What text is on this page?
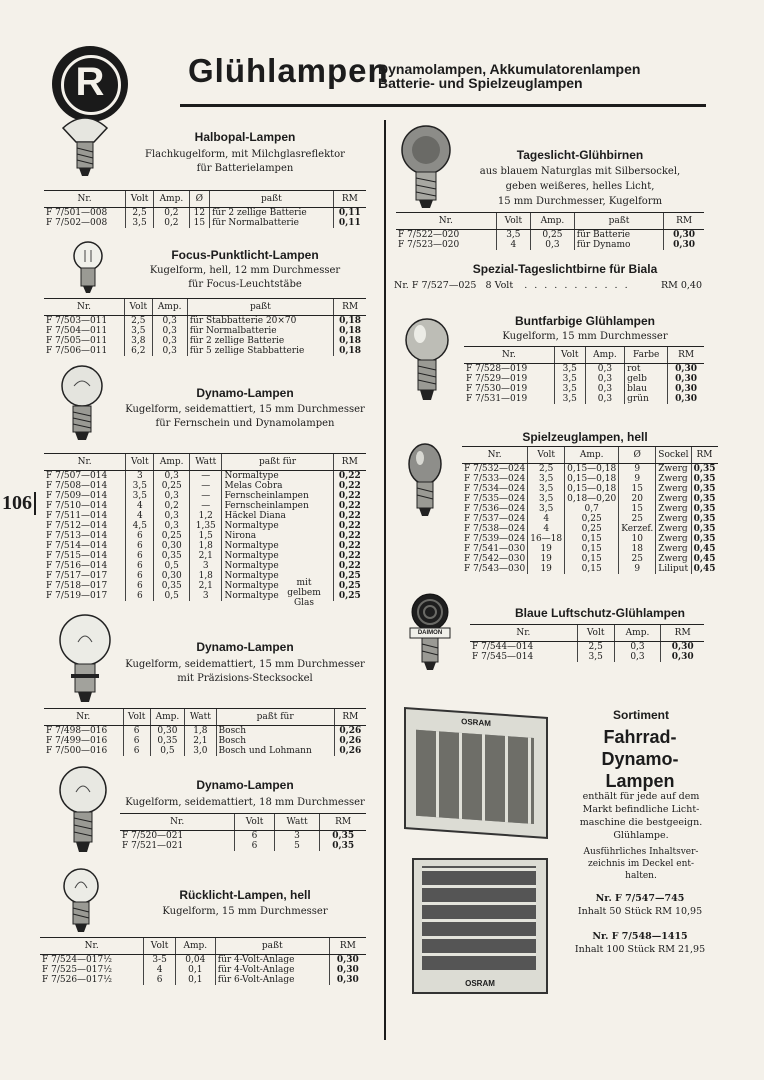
R	Glühlampen
Dynamolampen, Akkumulatorenlampen
Batterie- und Spielzeuglampen
106
Halbopal-Lampen
Flachkugelform, mit Milchglasreflektor
für Batterielampen
Nr.	Volt	Amp.	Ø	paßt	RM
F 7/501—008	2,5	0,2	12	für 2 zellige Batterie	0,11
F 7/502—008	3,5	0,2	15	für Normalbatterie	0,11
Focus-Punktlicht-Lampen
Kugelform, hell, 12 mm Durchmesser
für Focus-Leuchtstäbe
Nr.	Volt	Amp.	paßt	RM
F 7/503—011	2,5	0,3	für Stabbatterie 20×70	0,18
F 7/504—011	3,5	0,3	für Normalbatterie	0,18
F 7/505—011	3,8	0,3	für 2 zellige Batterie	0,18
F 7/506—011	6,2	0,3	für 5 zellige Stabbatterie	0,18
Dynamo-Lampen
Kugelform, seidemattiert, 15 mm Durchmesser
für Fernschein und Dynamolampen
Nr.	Volt	Amp.	Watt	paßt für	RM
F 7/507—014	3	0,3	—	Normaltype	0,22
F 7/508—014	3,5	0,25	—	Melas Cobra	0,22
F 7/509—014	3,5	0,3	—	Fernscheinlampen	0,22
F 7/510—014	4	0,2	—	Fernscheinlampen	0,22
F 7/511—014	4	0,3	1,2	Häckel Diana	0,22
F 7/512—014	4,5	0,3	1,35	Normaltype	0,22
F 7/513—014	6	0,25	1,5	Nirona	0,22
F 7/514—014	6	0,30	1,8	Normaltype	0,22
F 7/515—014	6	0,35	2,1	Normaltype	0,22
F 7/516—014	6	0,5	3	Normaltype	0,22
F 7/517—017	6	0,30	1,8	Normaltype	0,25
F 7/518—017	6	0,35	2,1	Normaltype	0,25
F 7/519—017	6	0,5	3	Normaltype	0,25
mit
gelbem
Glas
Dynamo-Lampen
Kugelform, seidemattiert, 15 mm Durchmesser
mit Präzisions-Stecksockel
Nr.	Volt	Amp.	Watt	paßt für	RM
F 7/498—016	6	0,30	1,8	Bosch	0,26
F 7/499—016	6	0,35	2,1	Bosch	0,26
F 7/500—016	6	0,5	3,0	Bosch und Lohmann	0,26
Dynamo-Lampen
Kugelform, seidemattiert, 18 mm Durchmesser
Nr.	Volt	Watt	RM
F 7/520—021	6	3	0,35
F 7/521—021	6	5	0,35
Rücklicht-Lampen, hell
Kugelform, 15 mm Durchmesser
Nr.	Volt	Amp.	paßt	RM
F 7/524—017½	3-5	0,04	für 4-Volt-Anlage	0,30
F 7/525—017½	4	0,1	für 4-Volt-Anlage	0,30
F 7/526—017½	6	0,1	für 6-Volt-Anlage	0,30
Tageslicht-Glühbirnen
aus blauem Naturglas mit Silbersockel,
geben weißeres, helles Licht,
15 mm Durchmesser, Kugelform
Nr.	Volt	Amp.	paßt	RM
F 7/522—020	3,5	0,25	für Batterie	0,30
F 7/523—020	4	0,3	für Dynamo	0,30
Spezial-Tageslichtbirne für Biala
Nr. F 7/527—025 8 Volt . . . . . . . . . . .	RM 0,40
Buntfarbige Glühlampen
Kugelform, 15 mm Durchmesser
Nr.	Volt	Amp.	Farbe	RM
F 7/528—019	3,5	0,3	rot	0,30
F 7/529—019	3,5	0,3	gelb	0,30
F 7/530—019	3,5	0,3	blau	0,30
F 7/531—019	3,5	0,3	grün	0,30
Spielzeuglampen, hell
Nr.	Volt	Amp.	Ø	Sockel	RM
F 7/532—024	2,5	0,15—0,18	9	Zwerg	0,35
F 7/533—024	3,5	0,15—0,18	9	Zwerg	0,35
F 7/534—024	3,5	0,15—0,18	15	Zwerg	0,35
F 7/535—024	3,5	0,18—0,20	20	Zwerg	0,35
F 7/536—024	3,5	0,7	15	Zwerg	0,35
F 7/537—024	4	0,25	25	Zwerg	0,35
F 7/538—024	4	0,25	Kerzef.	Zwerg	0,35
F 7/539—024	16—18	0,15	10	Zwerg	0,35
F 7/541—030	19	0,15	18	Zwerg	0,45
F 7/542—030	19	0,15	25	Zwerg	0,45
F 7/543—030	19	0,15	9	Liliput	0,45
DAIMON
Blaue Luftschutz-Glühlampen
Nr.	Volt	Amp.	RM
F 7/544—014	2,5	0,3	0,30
F 7/545—014	3,5	0,3	0,30
OSRAM
OSRAM
Sortiment
Fahrrad-
Dynamo-
Lampen
enthält für jede auf dem
Markt befindliche Licht-
maschine die bestgeeign.
Glühlampe.
Ausführliches Inhaltsver-
zeichnis im Deckel ent-
halten.
Nr. F 7/547—745
Inhalt 50 Stück RM 10,95
Nr. F 7/548—1415
Inhalt 100 Stück RM 21,95
